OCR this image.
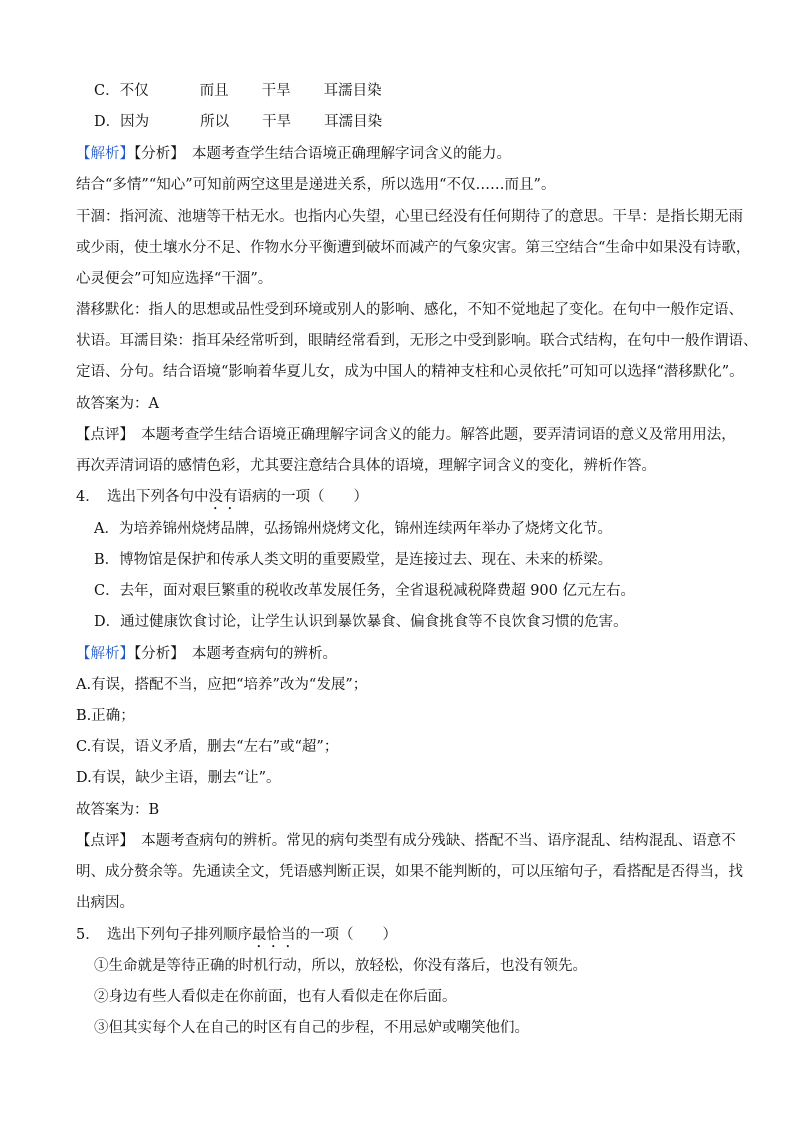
C．不仅	而且 干旱 耳濡目染
D．因为	所以 干旱 耳濡目染
【解析】【分析】　本题考查学生结合语境正确理解字词含义的能力。
结合“多情”“知心”可知前两空这里是递进关系，所以选用“不仅……而且”。
干涸：指河流、池塘等干枯无水。也指内心失望，心里已经没有任何期待了的意思。干旱：是指长期无雨
或少雨，使土壤水分不足、作物水分平衡遭到破坏而减产的气象灾害。第三空结合“生命中如果没有诗歌，
心灵便会”可知应选择“干涸”。
潜移默化：指人的思想或品性受到环境或别人的影响、感化，不知不觉地起了变化。在句中一般作定语、
状语。耳濡目染：指耳朵经常听到，眼睛经常看到，无形之中受到影响。联合式结构，在句中一般作谓语、
定语、分句。结合语境“影响着华夏儿女，成为中国人的精神支柱和心灵依托”可知可以选择“潜移默化”。
故答案为：A
【点评】　本题考查学生结合语境正确理解字词含义的能力。解答此题，要弄清词语的意义及常用用法，
再次弄清词语的感情色彩，尤其要注意结合具体的语境，理解字词含义的变化，辨析作答。
4．　选出下列各句中没有语病的一项（　　）
A．为培养锦州烧烤品牌，弘扬锦州烧烤文化，锦州连续两年举办了烧烤文化节。
B．博物馆是保护和传承人类文明的重要殿堂，是连接过去、现在、未来的桥梁。
C．去年，面对艰巨繁重的税收改革发展任务，全省退税减税降费超 900 亿元左右。
D．通过健康饮食讨论，让学生认识到暴饮暴食、偏食挑食等不良饮食习惯的危害。
【解析】【分析】　本题考查病句的辨析。
A.有误，搭配不当，应把“培养”改为“发展”；
B.正确；
C.有误，语义矛盾，删去“左右”或“超”；
D.有误，缺少主语，删去“让”。
故答案为：B
【点评】　本题考查病句的辨析。常见的病句类型有成分残缺、搭配不当、语序混乱、结构混乱、语意不
明、成分赘余等。先通读全文，凭语感判断正误，如果不能判断的，可以压缩句子，看搭配是否得当，找
出病因。
5．　选出下列句子排列顺序最恰当的一项（　　）
①生命就是等待正确的时机行动，所以，放轻松，你没有落后，也没有领先。
②身边有些人看似走在你前面，也有人看似走在你后面。
③但其实每个人在自己的时区有自己的步程，不用忌妒或嘲笑他们。
